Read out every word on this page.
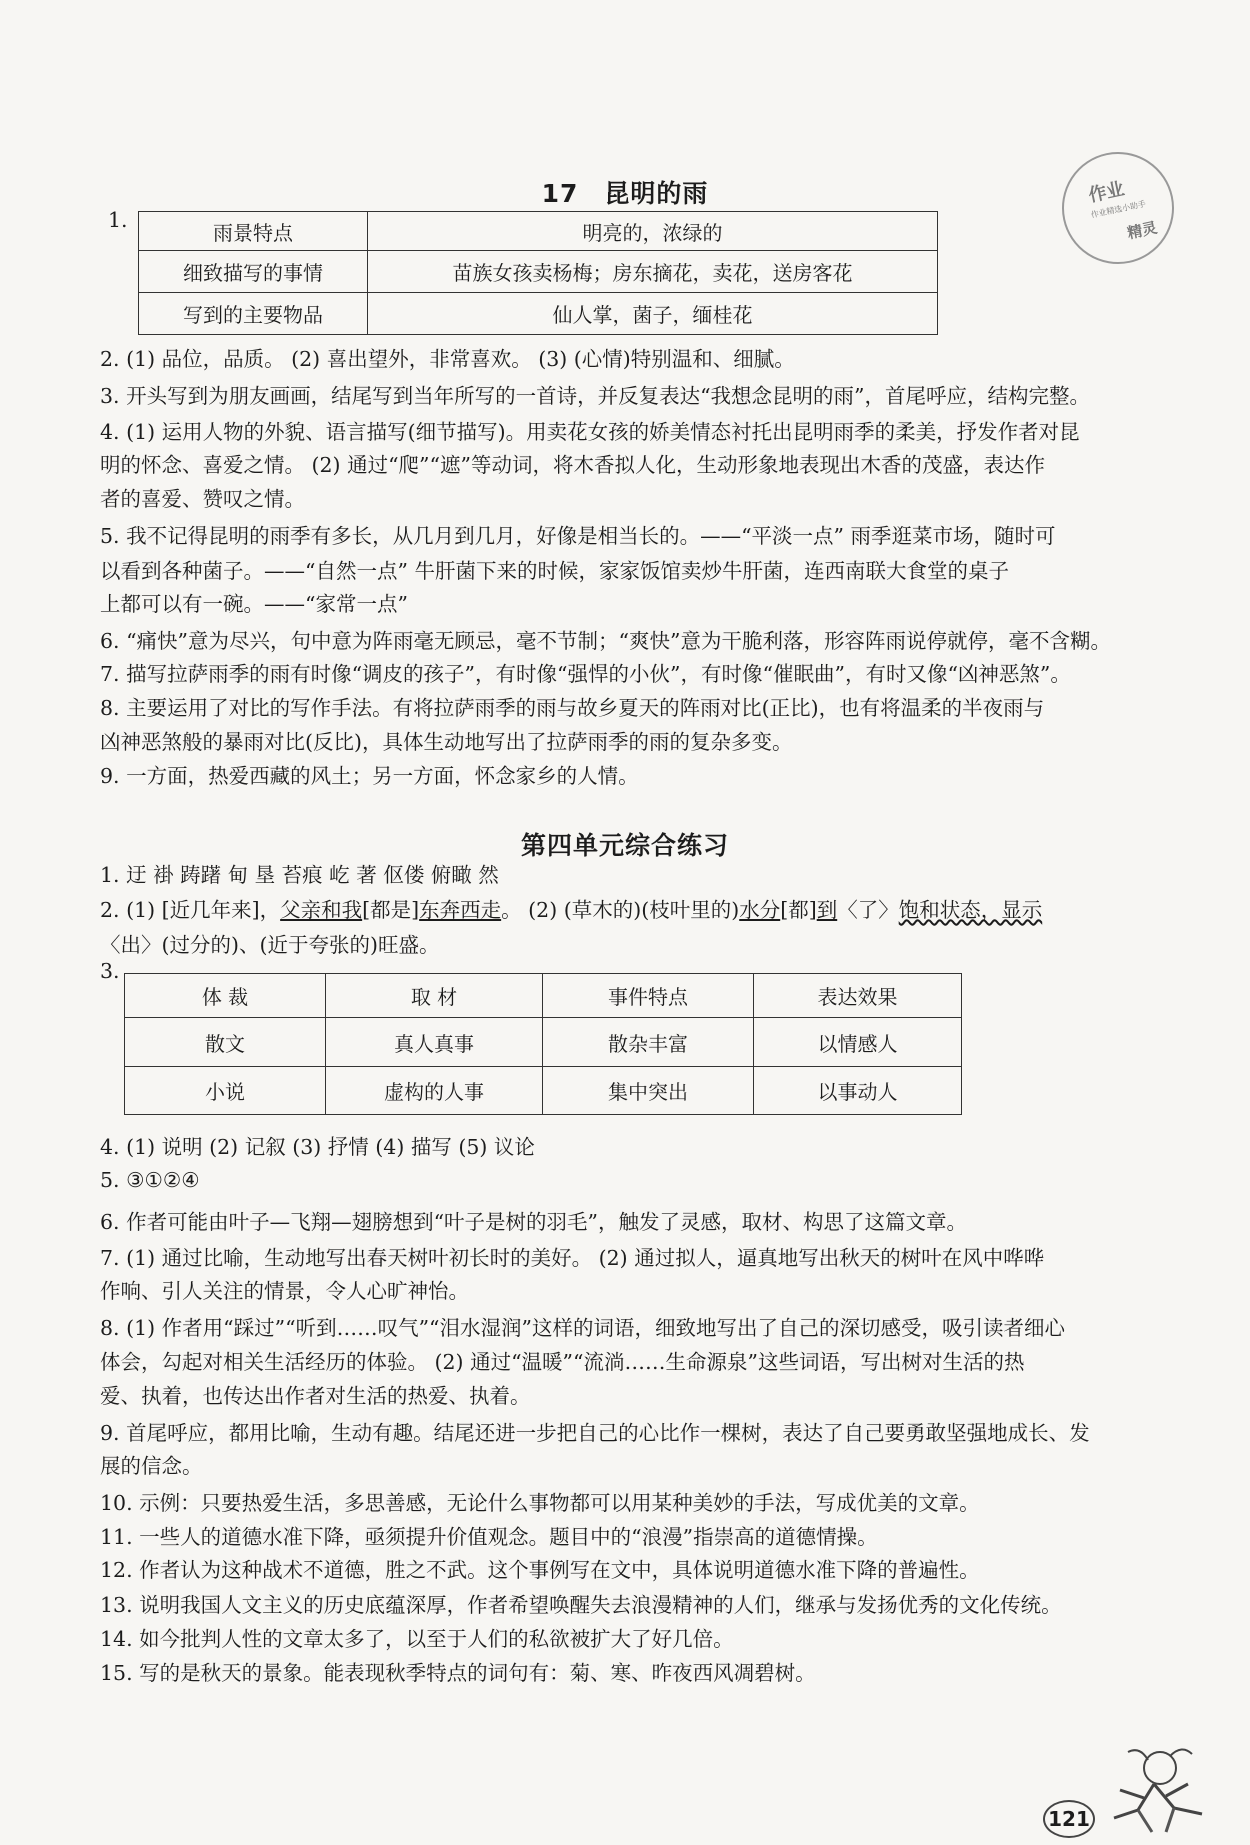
作业
作业精选小助手
精灵
17　昆明的雨
1.
雨景特点	明亮的，浓绿的
细致描写的事情	苗族女孩卖杨梅；房东摘花，卖花，送房客花
写到的主要物品	仙人掌，菌子，缅桂花
2. (1) 品位，品质。 (2) 喜出望外，非常喜欢。 (3) (心情)特别温和、细腻。
3. 开头写到为朋友画画，结尾写到当年所写的一首诗，并反复表达“我想念昆明的雨”，首尾呼应，结构完整。
4. (1) 运用人物的外貌、语言描写(细节描写)。用卖花女孩的娇美情态衬托出昆明雨季的柔美，抒发作者对昆
明的怀念、喜爱之情。 (2) 通过“爬”“遮”等动词，将木香拟人化，生动形象地表现出木香的茂盛，表达作
者的喜爱、赞叹之情。
5. 我不记得昆明的雨季有多长，从几月到几月，好像是相当长的。——“平淡一点” 雨季逛菜市场，随时可
以看到各种菌子。——“自然一点” 牛肝菌下来的时候，家家饭馆卖炒牛肝菌，连西南联大食堂的桌子
上都可以有一碗。——“家常一点”
6. “痛快”意为尽兴，句中意为阵雨毫无顾忌，毫不节制；“爽快”意为干脆利落，形容阵雨说停就停，毫不含糊。
7. 描写拉萨雨季的雨有时像“调皮的孩子”，有时像“强悍的小伙”，有时像“催眠曲”，有时又像“凶神恶煞”。
8. 主要运用了对比的写作手法。有将拉萨雨季的雨与故乡夏天的阵雨对比(正比)，也有将温柔的半夜雨与
凶神恶煞般的暴雨对比(反比)，具体生动地写出了拉萨雨季的雨的复杂多变。
9. 一方面，热爱西藏的风土；另一方面，怀念家乡的人情。
第四单元综合练习
1. 迂 褂 踌躇 甸 垦 苔痕 屹 著 伛偻 俯瞰 然
2. (1) [近几年来]，父亲和我[都是]东奔西走。 (2) (草木的)(枝叶里的)水分[都]到〈了〉饱和状态，显示
〈出〉(过分的)、(近于夸张的)旺盛。
3.
体 裁	取 材	事件特点	表达效果
散文	真人真事	散杂丰富	以情感人
小说	虚构的人事	集中突出	以事动人
4. (1) 说明 (2) 记叙 (3) 抒情 (4) 描写 (5) 议论
5. ③①②④
6. 作者可能由叶子—飞翔—翅膀想到“叶子是树的羽毛”，触发了灵感，取材、构思了这篇文章。
7. (1) 通过比喻，生动地写出春天树叶初长时的美好。 (2) 通过拟人，逼真地写出秋天的树叶在风中哗哗
作响、引人关注的情景，令人心旷神怡。
8. (1) 作者用“踩过”“听到……叹气”“泪水湿润”这样的词语，细致地写出了自己的深切感受，吸引读者细心
体会，勾起对相关生活经历的体验。 (2) 通过“温暖”“流淌……生命源泉”这些词语，写出树对生活的热
爱、执着，也传达出作者对生活的热爱、执着。
9. 首尾呼应，都用比喻，生动有趣。结尾还进一步把自己的心比作一棵树，表达了自己要勇敢坚强地成长、发
展的信念。
10. 示例：只要热爱生活，多思善感，无论什么事物都可以用某种美妙的手法，写成优美的文章。
11. 一些人的道德水准下降，亟须提升价值观念。题目中的“浪漫”指崇高的道德情操。
12. 作者认为这种战术不道德，胜之不武。这个事例写在文中，具体说明道德水准下降的普遍性。
13. 说明我国人文主义的历史底蕴深厚，作者希望唤醒失去浪漫精神的人们，继承与发扬优秀的文化传统。
14. 如今批判人性的文章太多了，以至于人们的私欲被扩大了好几倍。
15. 写的是秋天的景象。能表现秋季特点的词句有：菊、寒、昨夜西风凋碧树。
121
